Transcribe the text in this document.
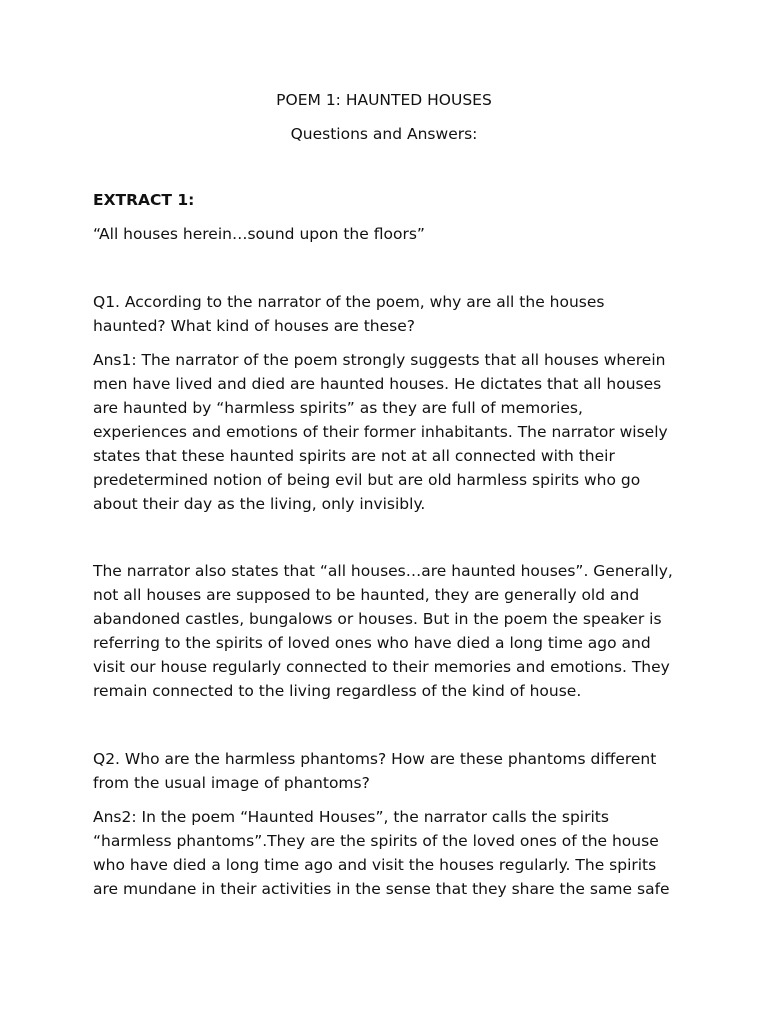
POEM 1: HAUNTED HOUSES
Questions and Answers:

EXTRACT 1:

“All houses herein…sound upon the floors”

Q1. According to the narrator of the poem, why are all the houses
haunted? What kind of houses are these?

Ans1: The narrator of the poem strongly suggests that all houses wherein
men have lived and died are haunted houses. He dictates that all houses
are haunted by “harmless spirits” as they are full of memories,
experiences and emotions of their former inhabitants. The narrator wisely
states that these haunted spirits are not at all connected with their
predetermined notion of being evil but are old harmless spirits who go
about their day as the living, only invisibly.

The narrator also states that “all houses…are haunted houses”. Generally,
not all houses are supposed to be haunted, they are generally old and
abandoned castles, bungalows or houses. But in the poem the speaker is
referring to the spirits of loved ones who have died a long time ago and
visit our house regularly connected to their memories and emotions. They
remain connected to the living regardless of the kind of house.

Q2. Who are the harmless phantoms? How are these phantoms different
from the usual image of phantoms?

Ans2: In the poem “Haunted Houses”, the narrator calls the spirits
“harmless phantoms”.They are the spirits of the loved ones of the house
who have died a long time ago and visit the houses regularly. The spirits
are mundane in their activities in the sense that they share the same safe
